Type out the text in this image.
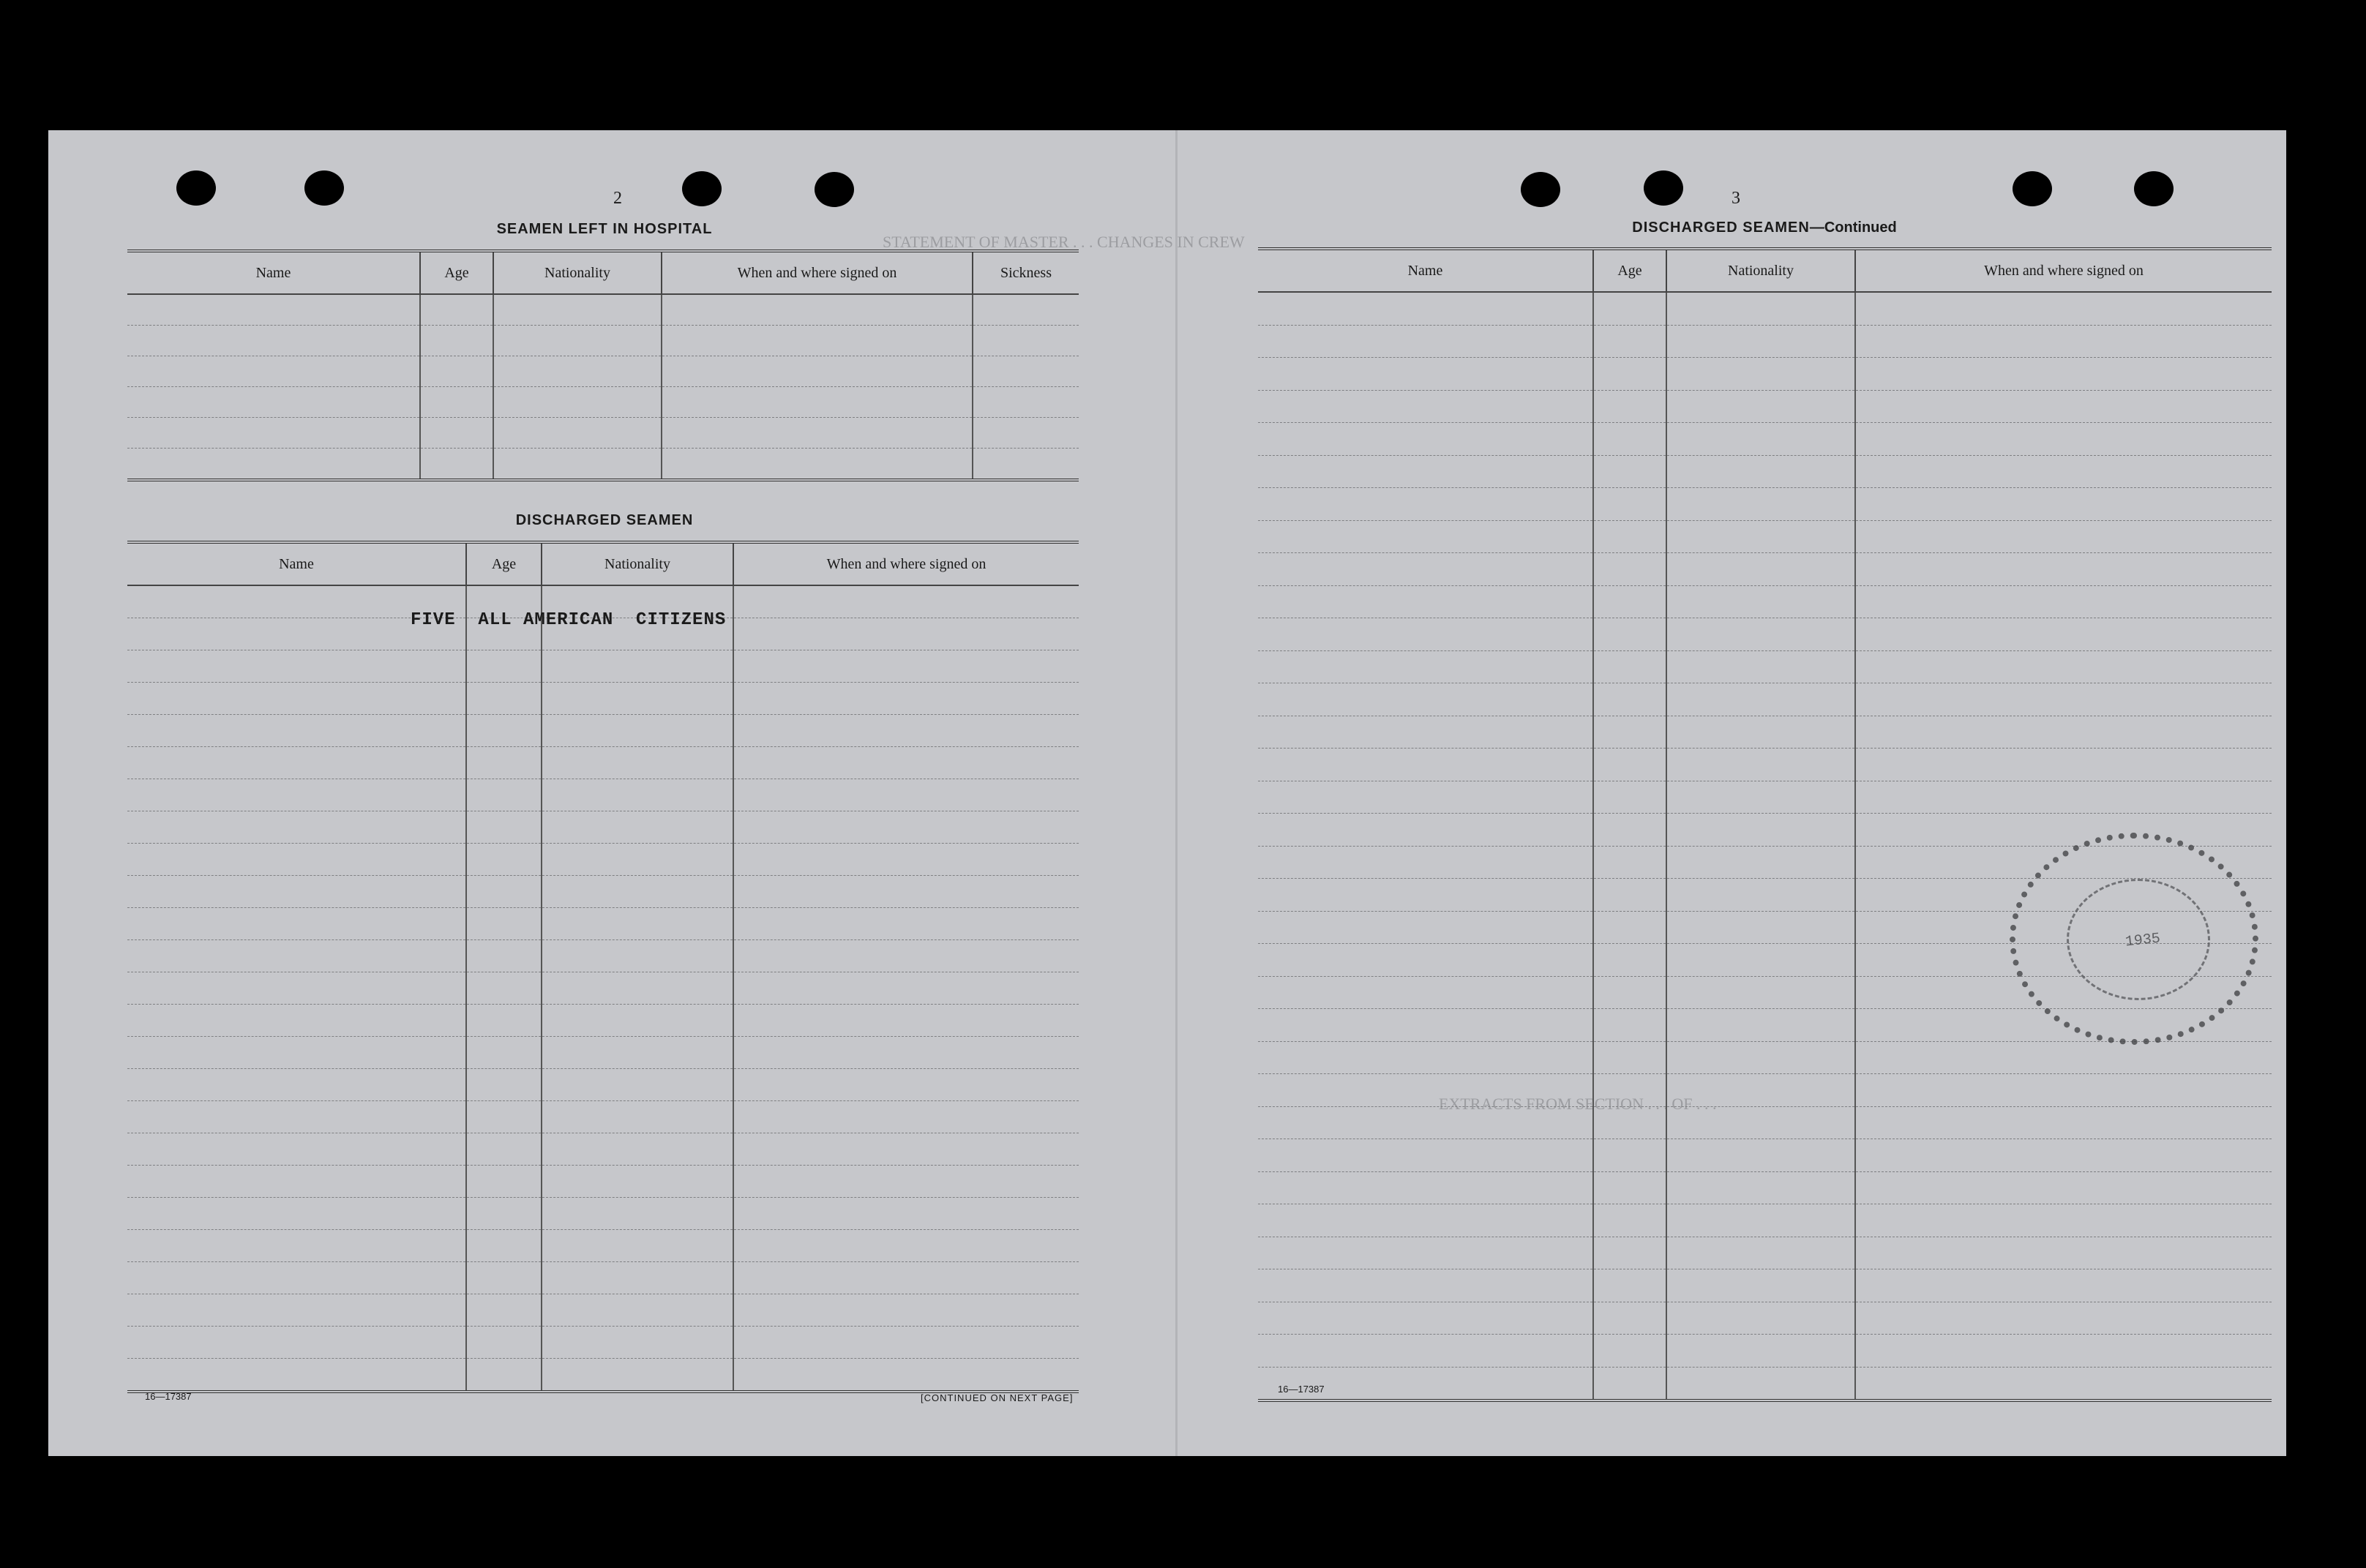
STATEMENT OF MASTER . . . CHANGES IN CREW
EXTRACTS FROM SECTION . . . OF . . .
2
SEAMEN LEFT IN HOSPITAL
Name	Age	Nationality	When and where signed on	Sickness

DISCHARGED SEAMEN
Name	Age	Nationality	When and where signed on

FIVE  ALL AMERICAN  CITIZENS
16—17387	[CONTINUED ON NEXT PAGE]
3
DISCHARGED SEAMEN—Continued
Name	Age	Nationality	When and where signed on

16—17387
1935
